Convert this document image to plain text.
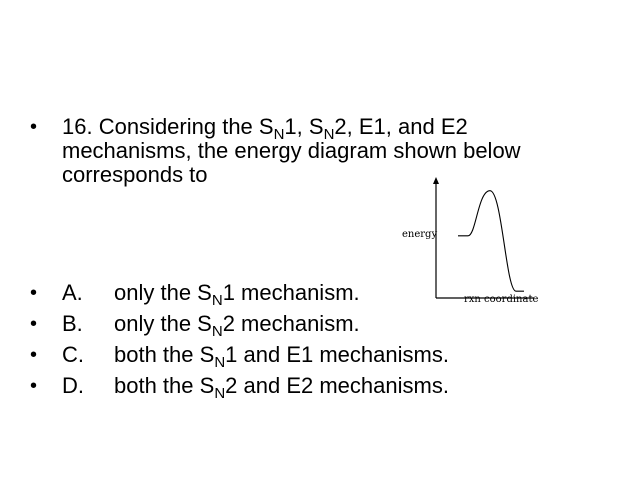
•	16. Considering the $S_N1$, $S_N2$, E1, and E2
mechanisms, the energy diagram shown below
corresponds to
energy
rxn coordinate
•	A.	only the $S_N1$ mechanism.
•	B.	only the $S_N2$ mechanism.
•	C.	both the $S_N1$ and E1 mechanisms.
•	D.	both the $S_N2$ and E2 mechanisms.
